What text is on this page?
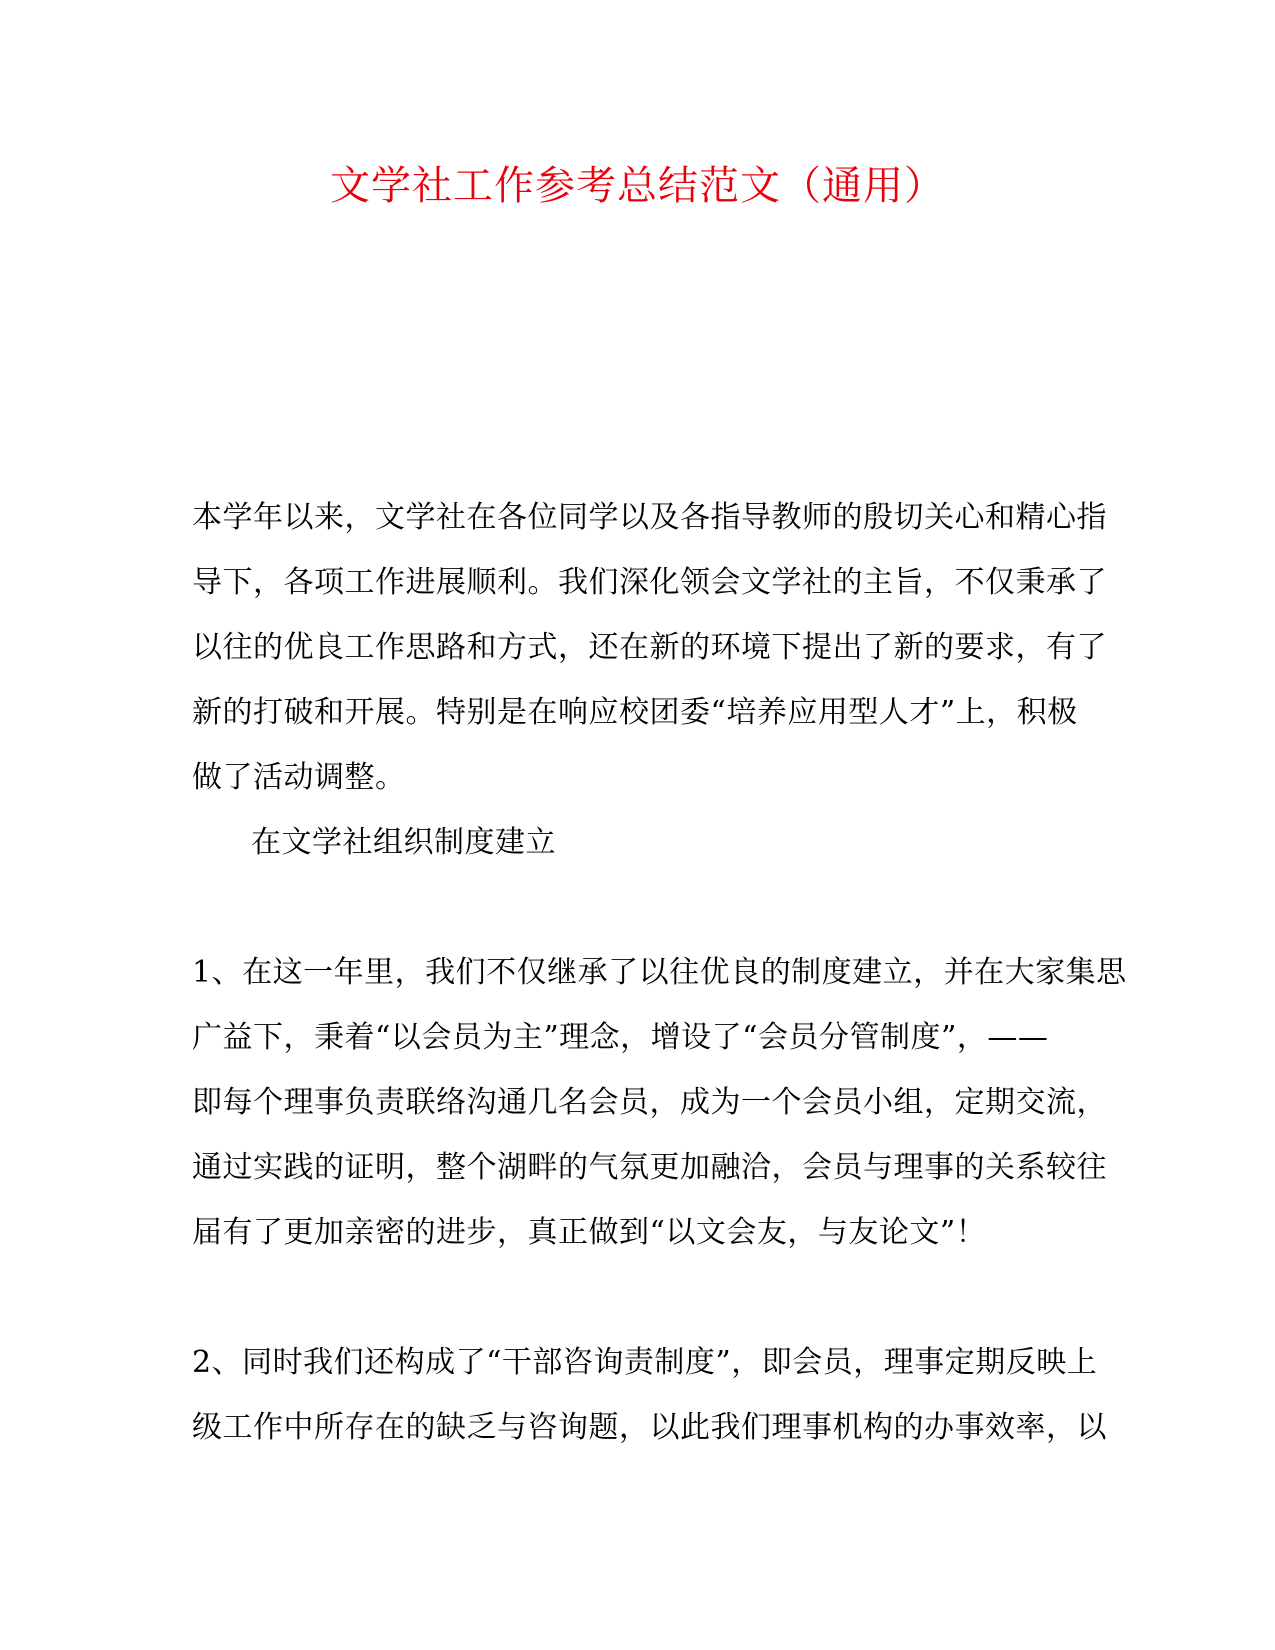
文学社工作参考总结范文（通用）

本学年以来，文学社在各位同学以及各指导教师的殷切关心和精心指
导下，各项工作进展顺利。我们深化领会文学社的主旨，不仅秉承了
以往的优良工作思路和方式，还在新的环境下提出了新的要求，有了
新的打破和开展。特别是在响应校团委“培养应用型人才”上，积极
做了活动调整。

在文学社组织制度建立

1、在这一年里，我们不仅继承了以往优良的制度建立，并在大家集思
广益下，秉着“以会员为主”理念，增设了“会员分管制度”，——
即每个理事负责联络沟通几名会员，成为一个会员小组，定期交流，
通过实践的证明，整个湖畔的气氛更加融洽，会员与理事的关系较往
届有了更加亲密的进步，真正做到“以文会友，与友论文”！

2、同时我们还构成了“干部咨询责制度”，即会员，理事定期反映上
级工作中所存在的缺乏与咨询题，以此我们理事机构的办事效率，以
